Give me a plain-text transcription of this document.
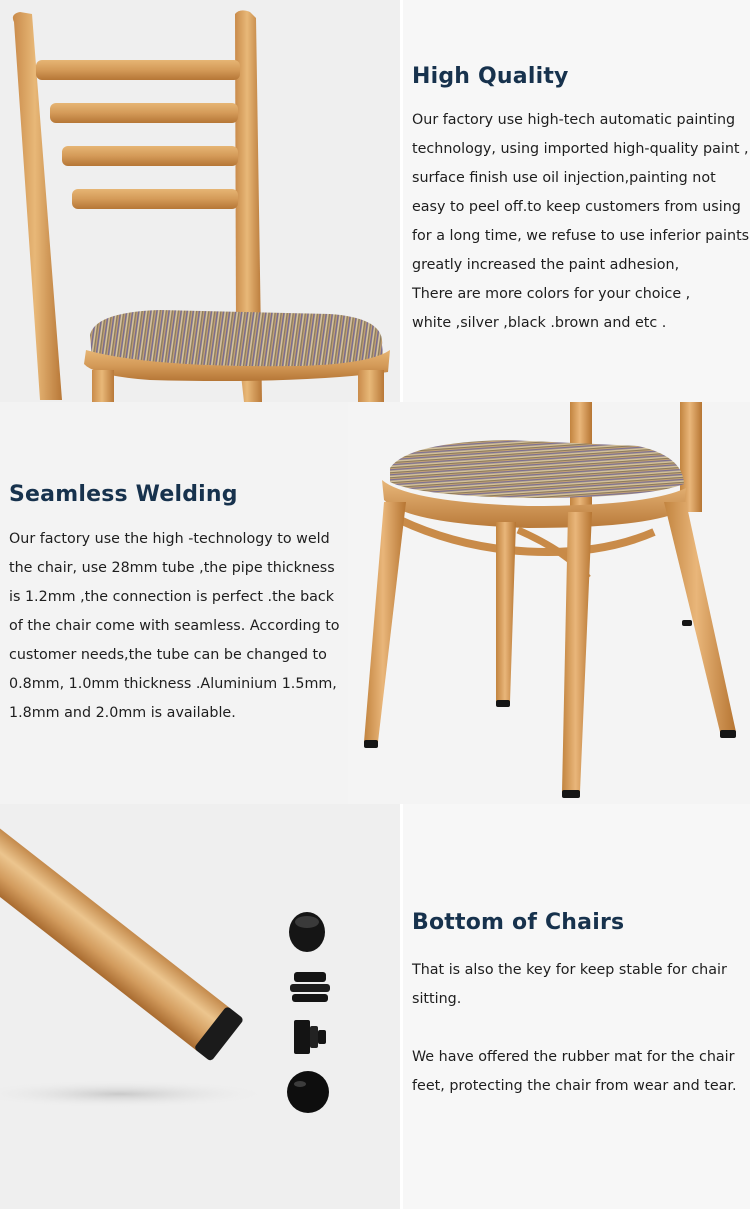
High Quality

Our factory use high-tech automatic painting
technology, using imported high-quality paint ,
surface finish use oil injection,painting not
easy to peel off.to keep customers from using
for a long time, we refuse to use inferior paints
greatly increased the paint adhesion,
There are more colors for your choice ,
white ,silver ,black .brown and etc .

Seamless Welding

Our factory use the high -technology to weld
the chair, use 28mm tube ,the pipe thickness
is 1.2mm ,the connection is perfect .the back
of the chair come with seamless. According to
customer needs,the tube can be changed to
0.8mm, 1.0mm thickness .Aluminium 1.5mm,
1.8mm and 2.0mm is available.

Bottom of Chairs

That is also the key for keep stable for chair
sitting.

We have offered the rubber mat for the chair
feet, protecting the chair from wear and tear.
